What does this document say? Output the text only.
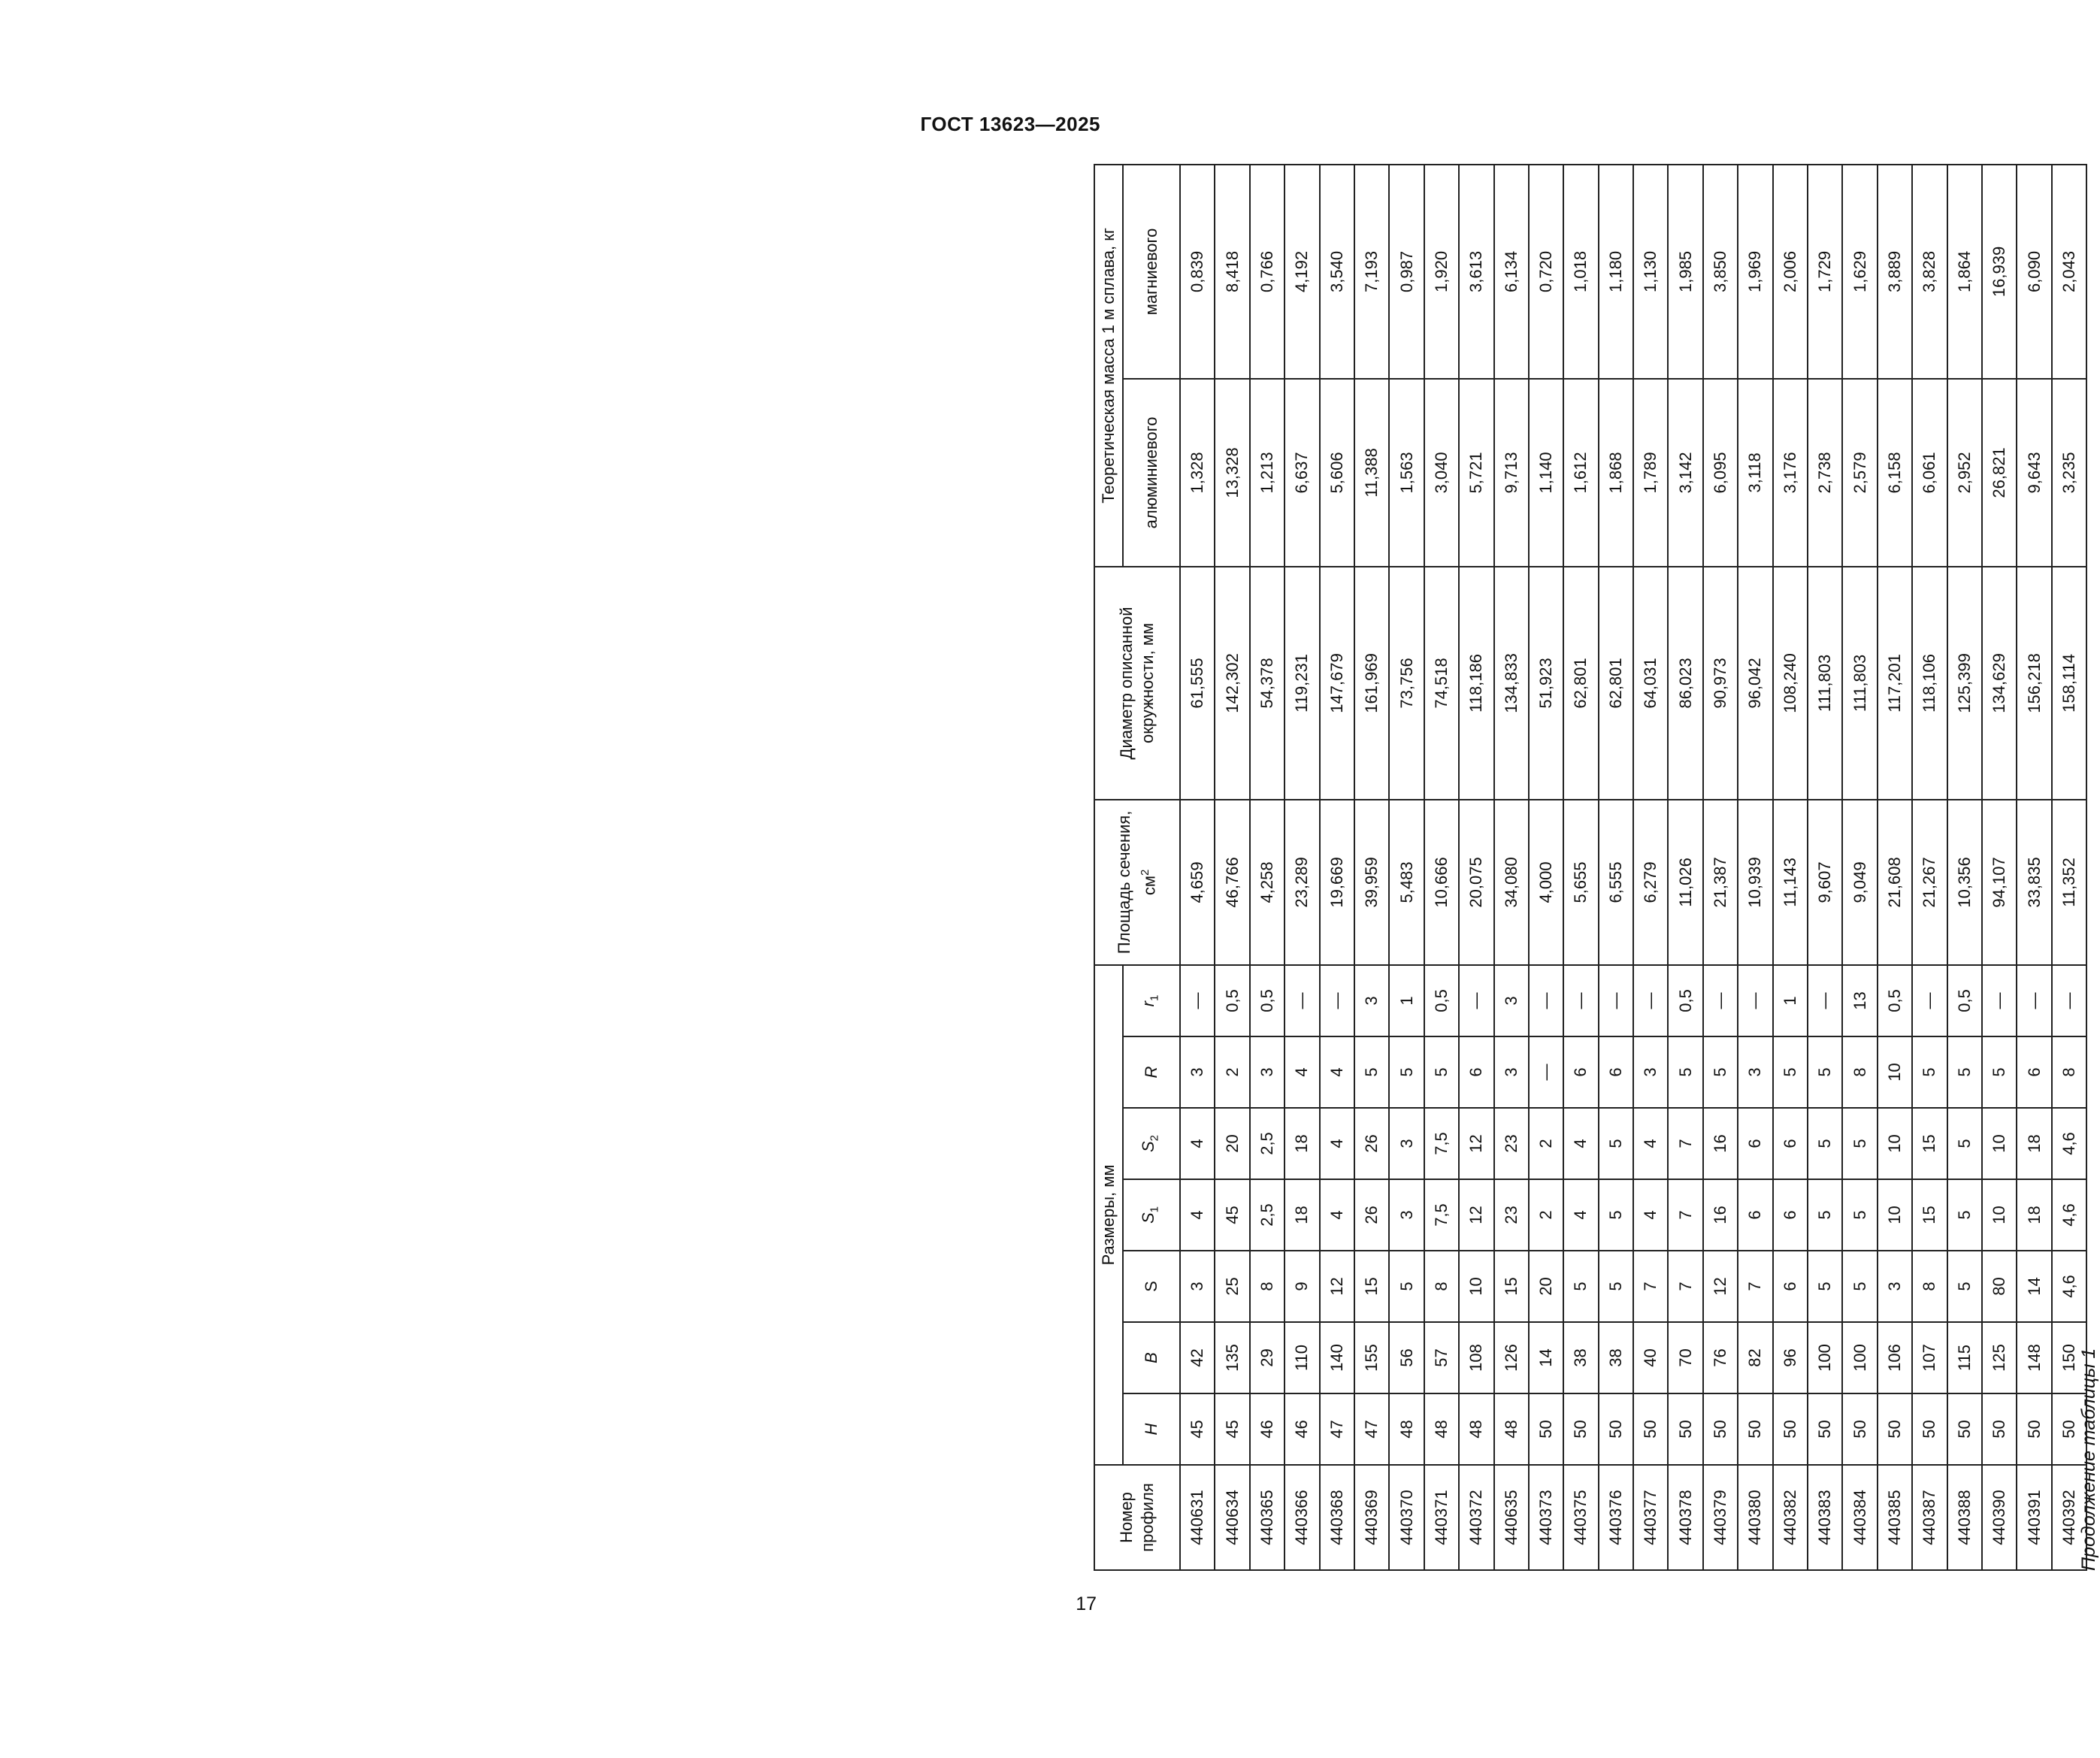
ГОСТ 13623—2025
Номер профиля	Размеры, мм							Площадь сечения, $см^2$	Диаметр описанной окружности, мм	Теоретическая масса 1 м сплава, кг	
	H	B	S	$S_1$	$S_2$	R	$r_1$			алюминиевого	магниевого
440631	45	42	3	4	4	3	—	4,659	61,555	1,328	0,839
440634	45	135	25	45	20	2	0,5	46,766	142,302	13,328	8,418
440365	46	29	8	2,5	2,5	3	0,5	4,258	54,378	1,213	0,766
440366	46	110	9	18	18	4	—	23,289	119,231	6,637	4,192
440368	47	140	12	4	4	4	—	19,669	147,679	5,606	3,540
440369	47	155	15	26	26	5	3	39,959	161,969	11,388	7,193
440370	48	56	5	3	3	5	1	5,483	73,756	1,563	0,987
440371	48	57	8	7,5	7,5	5	0,5	10,666	74,518	3,040	1,920
440372	48	108	10	12	12	6	—	20,075	118,186	5,721	3,613
440635	48	126	15	23	23	3	3	34,080	134,833	9,713	6,134
440373	50	14	20	2	2	—	—	4,000	51,923	1,140	0,720
440375	50	38	5	4	4	6	—	5,655	62,801	1,612	1,018
440376	50	38	5	5	5	6	—	6,555	62,801	1,868	1,180
440377	50	40	7	4	4	3	—	6,279	64,031	1,789	1,130
440378	50	70	7	7	7	5	0,5	11,026	86,023	3,142	1,985
440379	50	76	12	16	16	5	—	21,387	90,973	6,095	3,850
440380	50	82	7	6	6	3	—	10,939	96,042	3,118	1,969
440382	50	96	6	6	6	5	1	11,143	108,240	3,176	2,006
440383	50	100	5	5	5	5	—	9,607	111,803	2,738	1,729
440384	50	100	5	5	5	8	13	9,049	111,803	2,579	1,629
440385	50	106	3	10	10	10	0,5	21,608	117,201	6,158	3,889
440387	50	107	8	15	15	5	—	21,267	118,106	6,061	3,828
440388	50	115	5	5	5	5	0,5	10,356	125,399	2,952	1,864
440390	50	125	80	10	10	5	—	94,107	134,629	26,821	16,939
440391	50	148	14	18	18	6	—	33,835	156,218	9,643	6,090
440392	50	150	4,6	4,6	4,6	8	—	11,352	158,114	3,235	2,043
Продолжение таблицы 1
17
